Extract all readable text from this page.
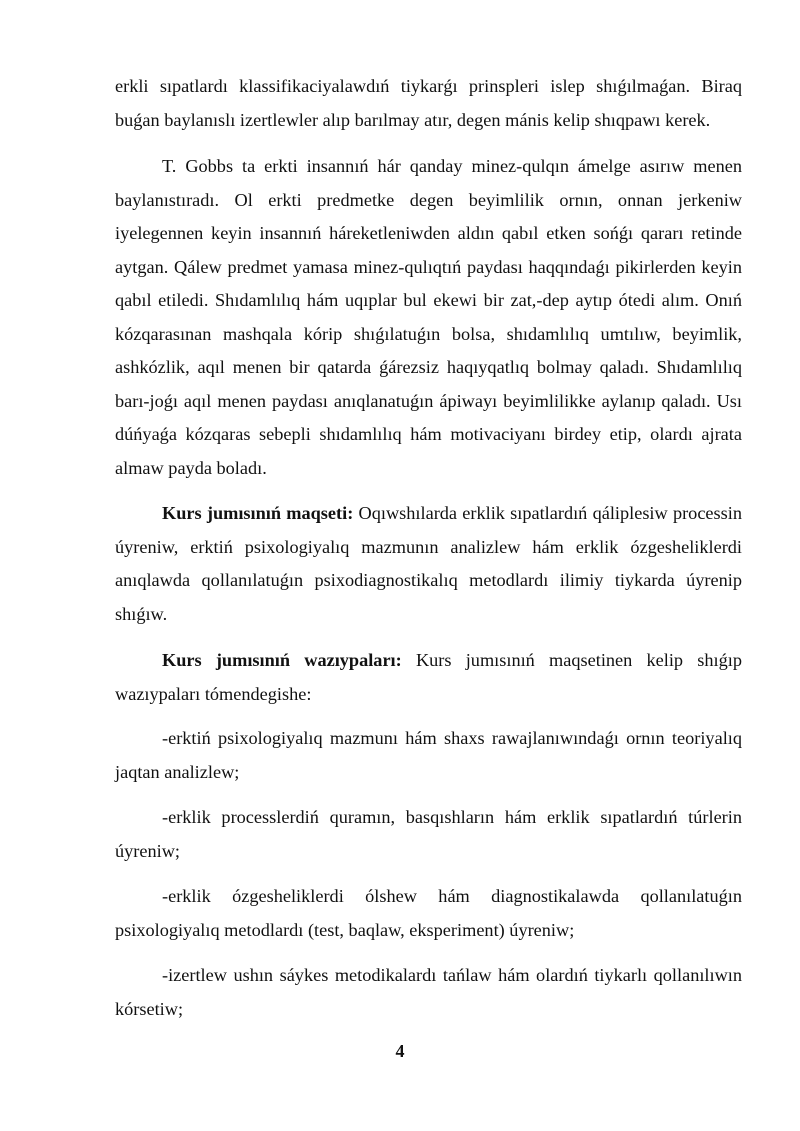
erkli sıpatlardı klassifikaciyalawdıń tiykarǵı prinspleri islep shıǵılmaǵan. Biraq buǵan baylanıslı izertlewler alıp barılmay atır, degen mánis kelip shıqpawı kerek.

T. Gobbs ta erkti insannıń hár qanday minez-qulqın ámelge asırıw menen baylanıstıradı. Ol erkti predmetke degen beyimlilik ornın, onnan jerkeniw iyelegennen keyin insannıń háreketleniwden aldın qabıl etken sońǵı qararı retinde aytgan. Qálew predmet yamasa minez-qulıqtıń paydası haqqındaǵı pikirlerden keyin qabıl etiledi. Shıdamlılıq hám uqıplar bul ekewi bir zat,-dep aytıp ótedi alım. Onıń kózqarasınan mashqala kórip shıǵılatuǵın bolsa, shıdamlılıq umtılıw, beyimlik, ashkózlik, aqıl menen bir qatarda ǵárezsiz haqıyqatlıq bolmay qaladı. Shıdamlılıq barı-joǵı aqıl menen paydası anıqlanatuǵın ápiwayı beyimlilikke aylanıp qaladı. Usı dúńyaǵa kózqaras sebepli shıdamlılıq hám motivaciyanı birdey etip, olardı ajrata almaw payda boladı.

Kurs jumısınıń maqseti: Oqıwshılarda erklik sıpatlardıń qáliplesiw processin úyreniw, erktiń psixologiyalıq mazmunın analizlew hám erklik ózgesheliklerdi anıqlawda qollanılatuǵın psixodiagnostikalıq metodlardı ilimiy tiykarda úyrenip shıǵıw.

Kurs jumısınıń wazıypaları: Kurs jumısınıń maqsetinen kelip shıǵıp wazıypaları tómendegishe:

-erktiń psixologiyalıq mazmunı hám shaxs rawajlanıwındaǵı ornın teoriyalıq jaqtan analizlew;

-erklik processlerdiń quramın, basqıshların hám erklik sıpatlardıń túrlerin úyreniw;

-erklik ózgesheliklerdi ólshew hám diagnostikalawda qollanılatuǵın psixologiyalıq metodlardı (test, baqlaw, eksperiment) úyreniw;

-izertlew ushın sáykes metodikalardı tańlaw hám olardıń tiykarlı qollanılıwın kórsetiw;

4
